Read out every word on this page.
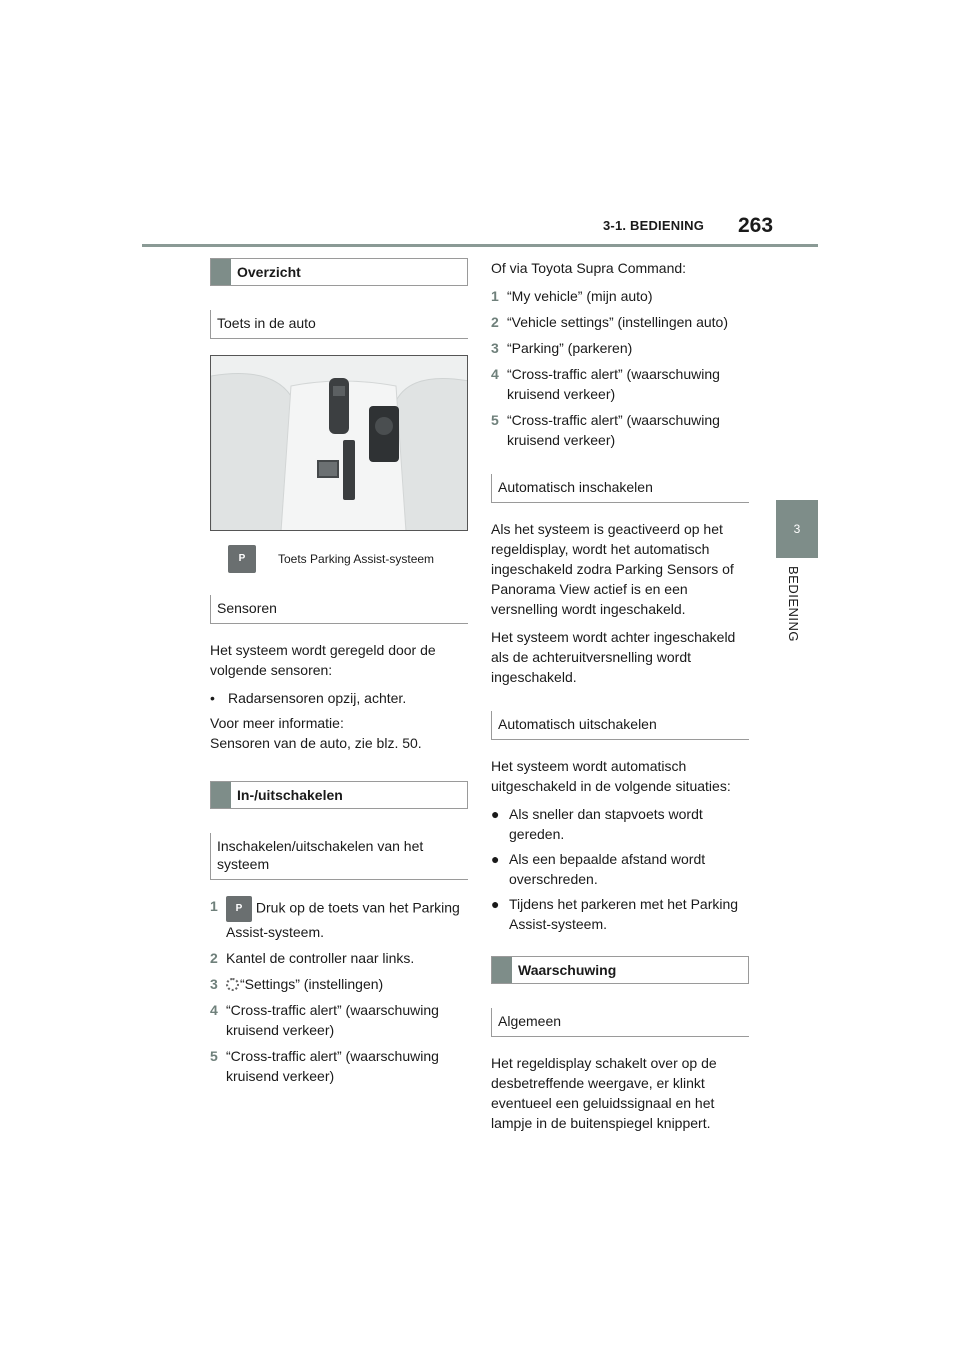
3-1. BEDIENING 263
3
BEDIENING
Overzicht
Toets in de auto
P	Toets Parking Assist-systeem
Sensoren
Het systeem wordt geregeld door de volgende sensoren:
• Radarsensoren opzij, achter.
Voor meer informatie:
Sensoren van de auto, zie blz. 50.
In-/uitschakelen
Inschakelen/uitschakelen van het systeem
1	P Druk op de toets van het Parking Assist-systeem.
2 Kantel de controller naar links.
3	“Settings” (instellingen)
4 “Cross-traffic alert” (waarschuwing kruisend verkeer)
5 “Cross-traffic alert” (waarschuwing kruisend verkeer)
Of via Toyota Supra Command:
1 “My vehicle” (mijn auto)
2 “Vehicle settings” (instellingen auto)
3 “Parking” (parkeren)
4 “Cross-traffic alert” (waarschuwing kruisend verkeer)
5 “Cross-traffic alert” (waarschuwing kruisend verkeer)
Automatisch inschakelen
Als het systeem is geactiveerd op het regeldisplay, wordt het automatisch ingeschakeld zodra Parking Sensors of Panorama View actief is en een versnelling wordt ingeschakeld.
Het systeem wordt achter ingeschakeld als de achteruitversnelling wordt ingeschakeld.
Automatisch uitschakelen
Het systeem wordt automatisch uitgeschakeld in de volgende situaties:
● Als sneller dan stapvoets wordt gereden.
● Als een bepaalde afstand wordt overschreden.
● Tijdens het parkeren met het Parking Assist-systeem.
Waarschuwing
Algemeen
Het regeldisplay schakelt over op de desbetreffende weergave, er klinkt eventueel een geluidssignaal en het lampje in de buitenspiegel knippert.
